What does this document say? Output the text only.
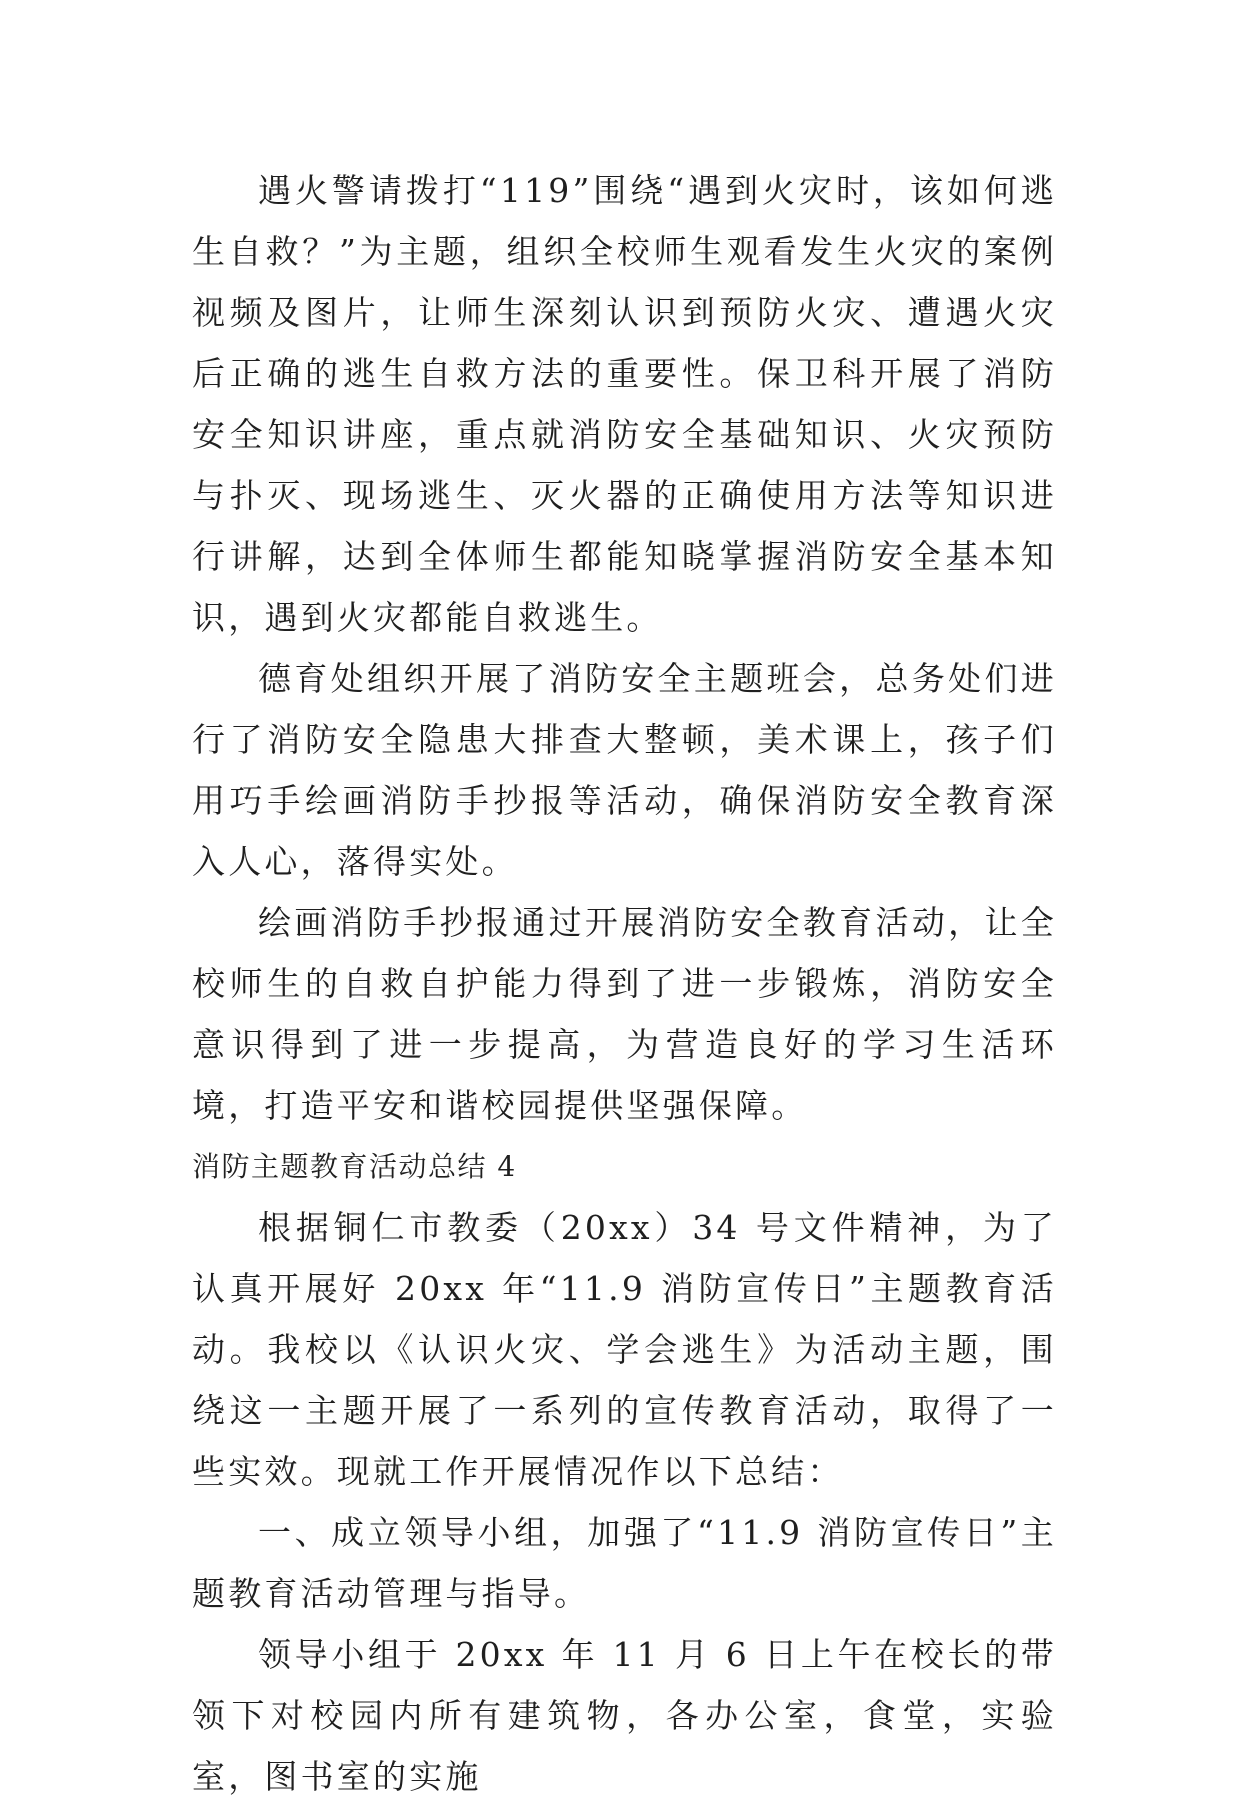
遇火警请拨打“119”围绕“遇到火灾时，该如何逃生自救？”为主题，组织全校师生观看发生火灾的案例视频及图片，让师生深刻认识到预防火灾、遭遇火灾后正确的逃生自救方法的重要性。保卫科开展了消防安全知识讲座，重点就消防安全基础知识、火灾预防与扑灭、现场逃生、灭火器的正确使用方法等知识进行讲解，达到全体师生都能知晓掌握消防安全基本知识，遇到火灾都能自救逃生。

德育处组织开展了消防安全主题班会，总务处们进行了消防安全隐患大排查大整顿，美术课上，孩子们用巧手绘画消防手抄报等活动，确保消防安全教育深入人心，落得实处。

绘画消防手抄报通过开展消防安全教育活动，让全校师生的自救自护能力得到了进一步锻炼，消防安全意识得到了进一步提高，为营造良好的学习生活环境，打造平安和谐校园提供坚强保障。

消防主题教育活动总结 4

根据铜仁市教委（20xx）34 号文件精神，为了认真开展好 20xx 年“11.9 消防宣传日”主题教育活动。我校以《认识火灾、学会逃生》为活动主题，围绕这一主题开展了一系列的宣传教育活动，取得了一些实效。现就工作开展情况作以下总结：

一、成立领导小组，加强了“11.9 消防宣传日”主题教育活动管理与指导。

领导小组于 20xx 年 11 月 6 日上午在校长的带领下对校园内所有建筑物，各办公室，食堂，实验室，图书室的实施
